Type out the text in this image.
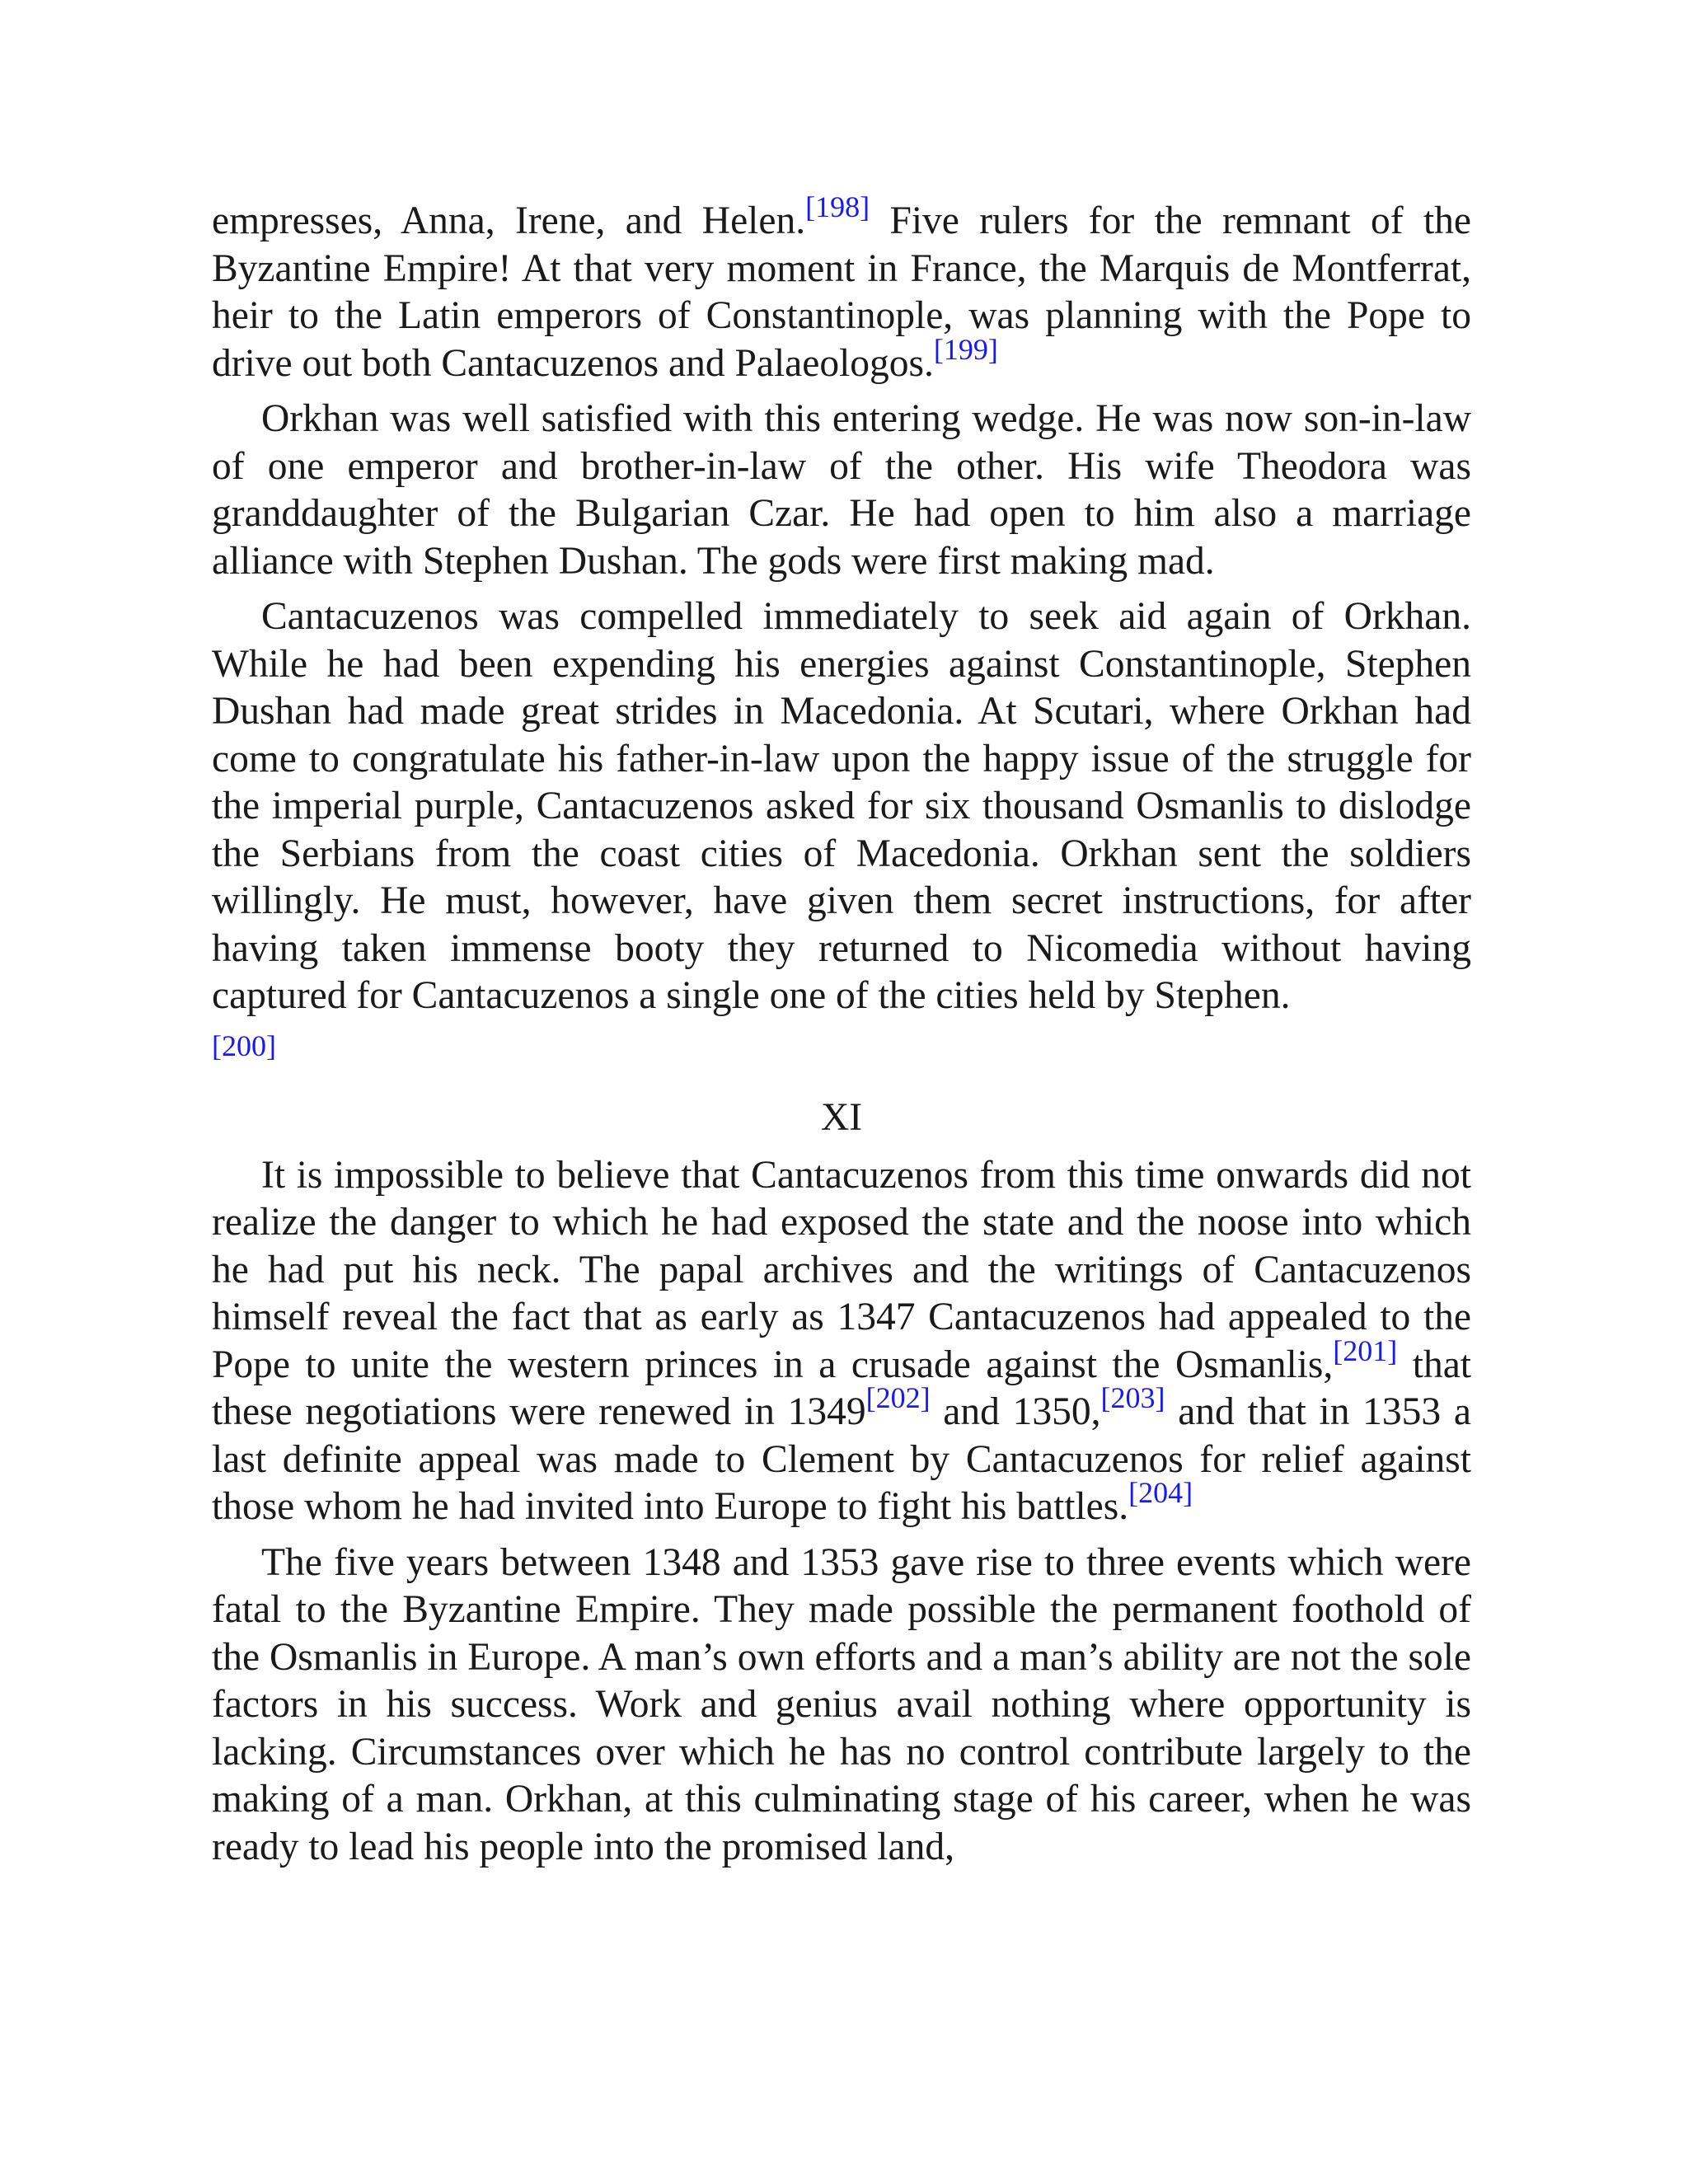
empresses, Anna, Irene, and Helen.[198] Five rulers for the remnant of the Byzantine Empire! At that very moment in France, the Marquis de Montferrat, heir to the Latin emperors of Constantinople, was planning with the Pope to drive out both Cantacuzenos and Palaeologos.[199]

Orkhan was well satisfied with this entering wedge. He was now son-in-law of one emperor and brother-in-law of the other. His wife Theodora was granddaughter of the Bulgarian Czar. He had open to him also a marriage alliance with Stephen Dushan. The gods were first making mad.

Cantacuzenos was compelled immediately to seek aid again of Orkhan. While he had been expending his energies against Constantinople, Stephen Dushan had made great strides in Macedonia. At Scutari, where Orkhan had come to congratulate his father-in-law upon the happy issue of the struggle for the imperial purple, Cantacuzenos asked for six thousand Osmanlis to dislodge the Serbians from the coast cities of Macedonia. Orkhan sent the soldiers willingly. He must, however, have given them secret instructions, for after having taken immense booty they returned to Nicomedia without having captured for Cantacuzenos a single one of the cities held by Stephen.
[200]

XI

It is impossible to believe that Cantacuzenos from this time onwards did not realize the danger to which he had exposed the state and the noose into which he had put his neck. The papal archives and the writings of Cantacuzenos himself reveal the fact that as early as 1347 Cantacuzenos had appealed to the Pope to unite the western princes in a crusade against the Osmanlis,[201] that these negotiations were renewed in 1349[202] and 1350,[203] and that in 1353 a last definite appeal was made to Clement by Cantacuzenos for relief against those whom he had invited into Europe to fight his battles.[204]

The five years between 1348 and 1353 gave rise to three events which were fatal to the Byzantine Empire. They made possible the permanent foothold of the Osmanlis in Europe. A man’s own efforts and a man’s ability are not the sole factors in his success. Work and genius avail nothing where opportunity is lacking. Circumstances over which he has no control contribute largely to the making of a man. Orkhan, at this culminating stage of his career, when he was ready to lead his people into the promised land,
